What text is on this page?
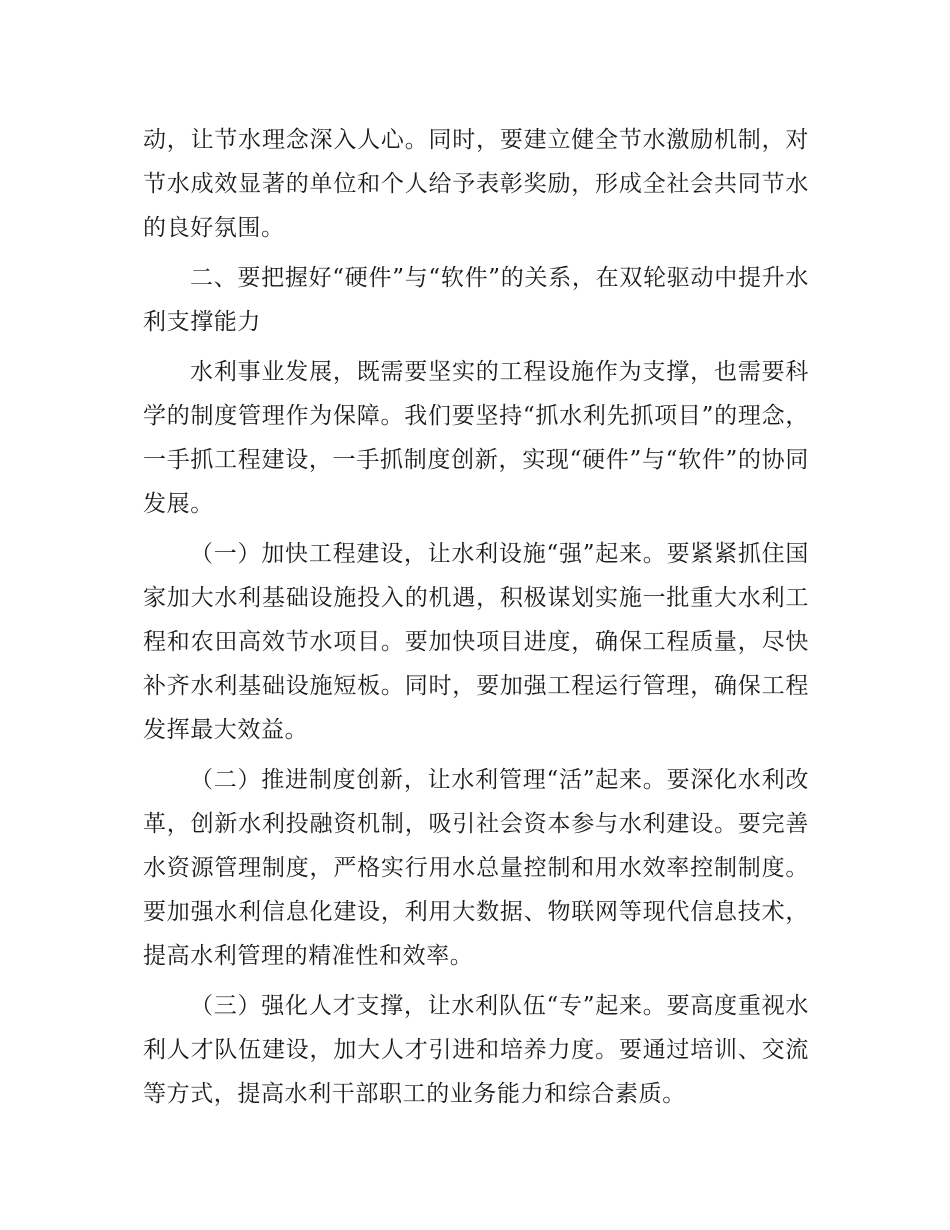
动，让节水理念深入人心。同时，要建立健全节水激励机制，对节水成效显著的单位和个人给予表彰奖励，形成全社会共同节水的良好氛围。

二、要把握好“硬件”与“软件”的关系，在双轮驱动中提升水利支撑能力

水利事业发展，既需要坚实的工程设施作为支撑，也需要科学的制度管理作为保障。我们要坚持“抓水利先抓项目”的理念，一手抓工程建设，一手抓制度创新，实现“硬件”与“软件”的协同发展。

（一）加快工程建设，让水利设施“强”起来。要紧紧抓住国家加大水利基础设施投入的机遇，积极谋划实施一批重大水利工程和农田高效节水项目。要加快项目进度，确保工程质量，尽快补齐水利基础设施短板。同时，要加强工程运行管理，确保工程发挥最大效益。

（二）推进制度创新，让水利管理“活”起来。要深化水利改革，创新水利投融资机制，吸引社会资本参与水利建设。要完善水资源管理制度，严格实行用水总量控制和用水效率控制制度。要加强水利信息化建设，利用大数据、物联网等现代信息技术，提高水利管理的精准性和效率。

（三）强化人才支撑，让水利队伍“专”起来。要高度重视水利人才队伍建设，加大人才引进和培养力度。要通过培训、交流等方式，提高水利干部职工的业务能力和综合素质。
